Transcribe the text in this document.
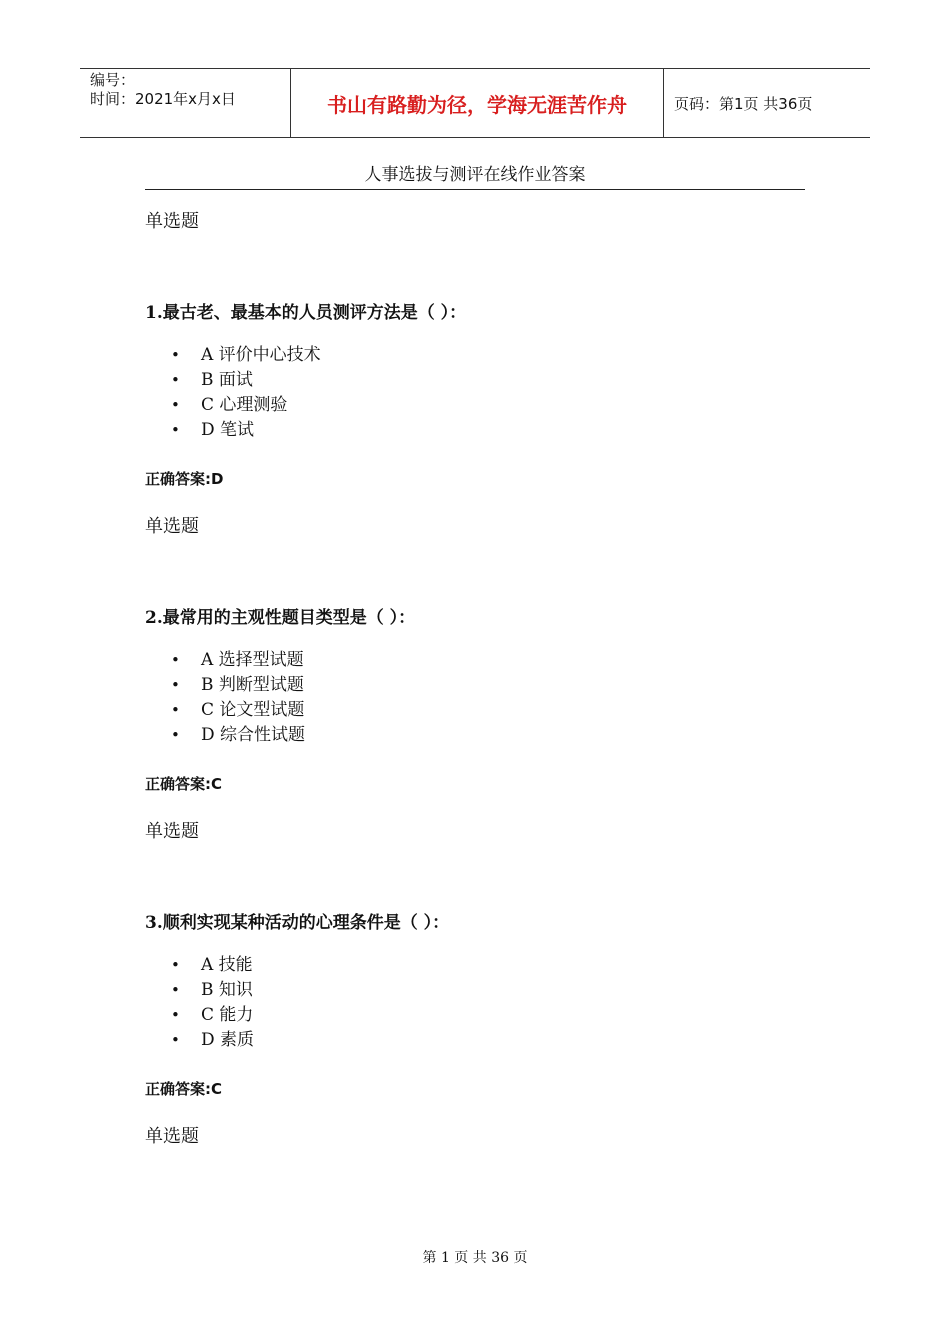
编号：
时间：2021年x月x日	书山有路勤为径，学海无涯苦作舟	页码：第1页 共36页
人事选拔与测评在线作业答案
单选题
1.最古老、最基本的人员测评方法是（ ）：
• A 评价中心技术
• B 面试
• C 心理测验
• D 笔试
正确答案:D
单选题
2.最常用的主观性题目类型是（ ）：
• A 选择型试题
• B 判断型试题
• C 论文型试题
• D 综合性试题
正确答案:C
单选题
3.顺利实现某种活动的心理条件是（ ）：
• A 技能
• B 知识
• C 能力
• D 素质
正确答案:C
单选题
第 1 页 共 36 页
